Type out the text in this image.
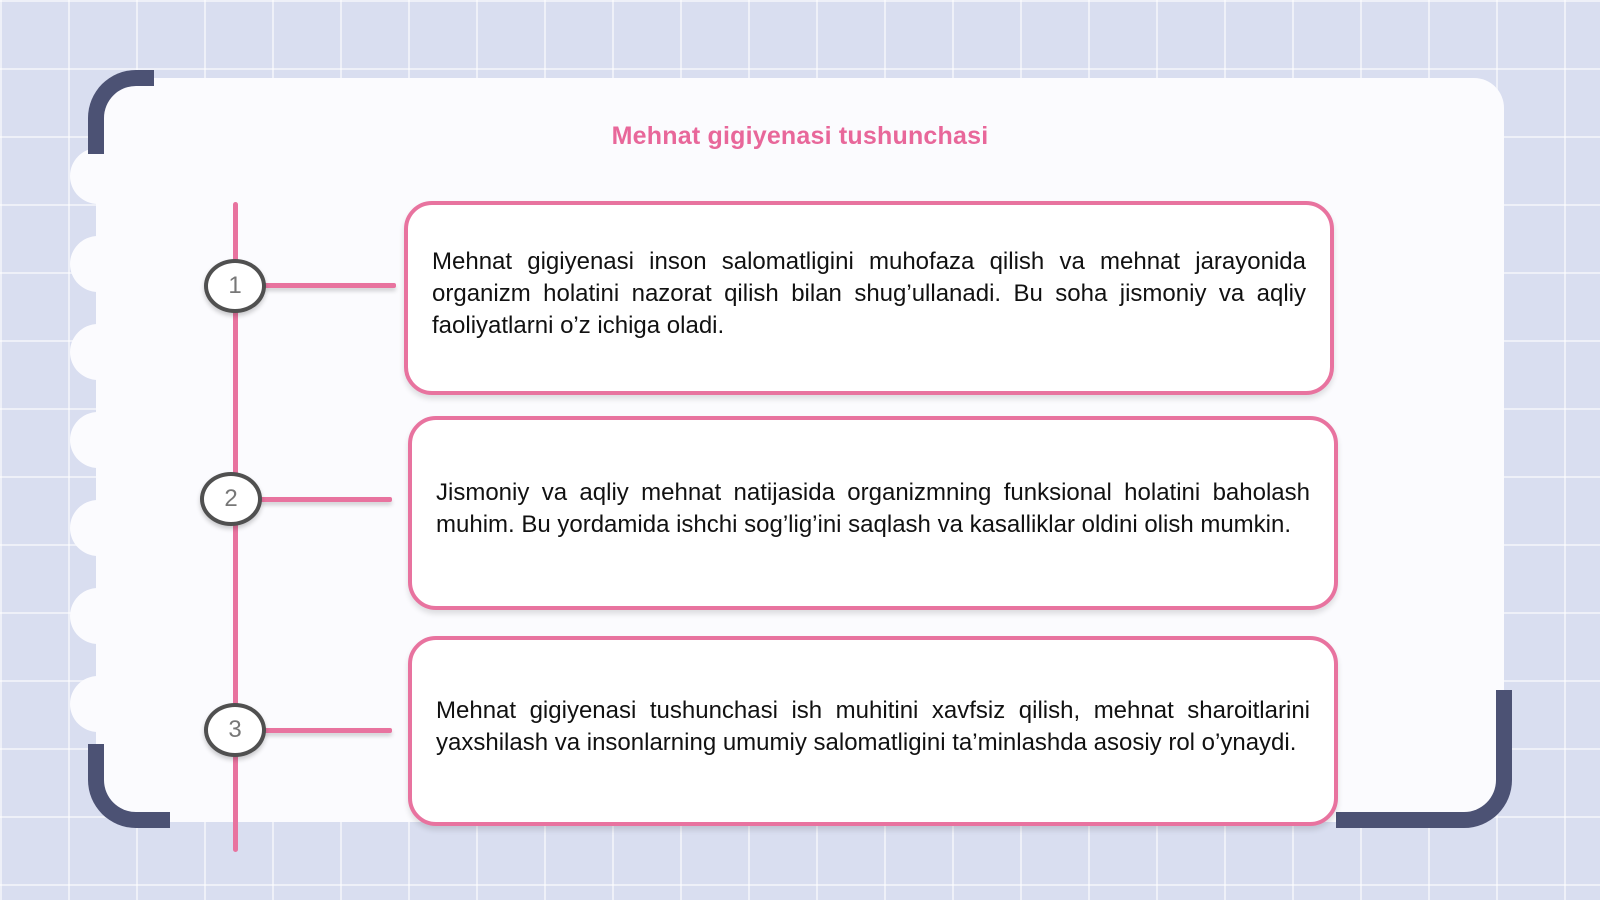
Mehnat gigiyenasi tushunchasi
1

Mehnat gigiyenasi inson salomatligini muhofaza qilish va mehnat jarayonida organizm holatini nazorat qilish bilan shug’ullanadi. Bu soha jismoniy va aqliy faoliyatlarni o’z ichiga oladi.

2	Jismoniy va aqliy mehnat natijasida organizmning funksional holatini baholash muhim. Bu yordamida ishchi sog’lig’ini saqlash va kasalliklar oldini olish mumkin.

3

Mehnat gigiyenasi tushunchasi ish muhitini xavfsiz qilish, mehnat sharoitlarini yaxshilash va insonlarning umumiy salomatligini ta’minlashda asosiy rol o’ynaydi.
